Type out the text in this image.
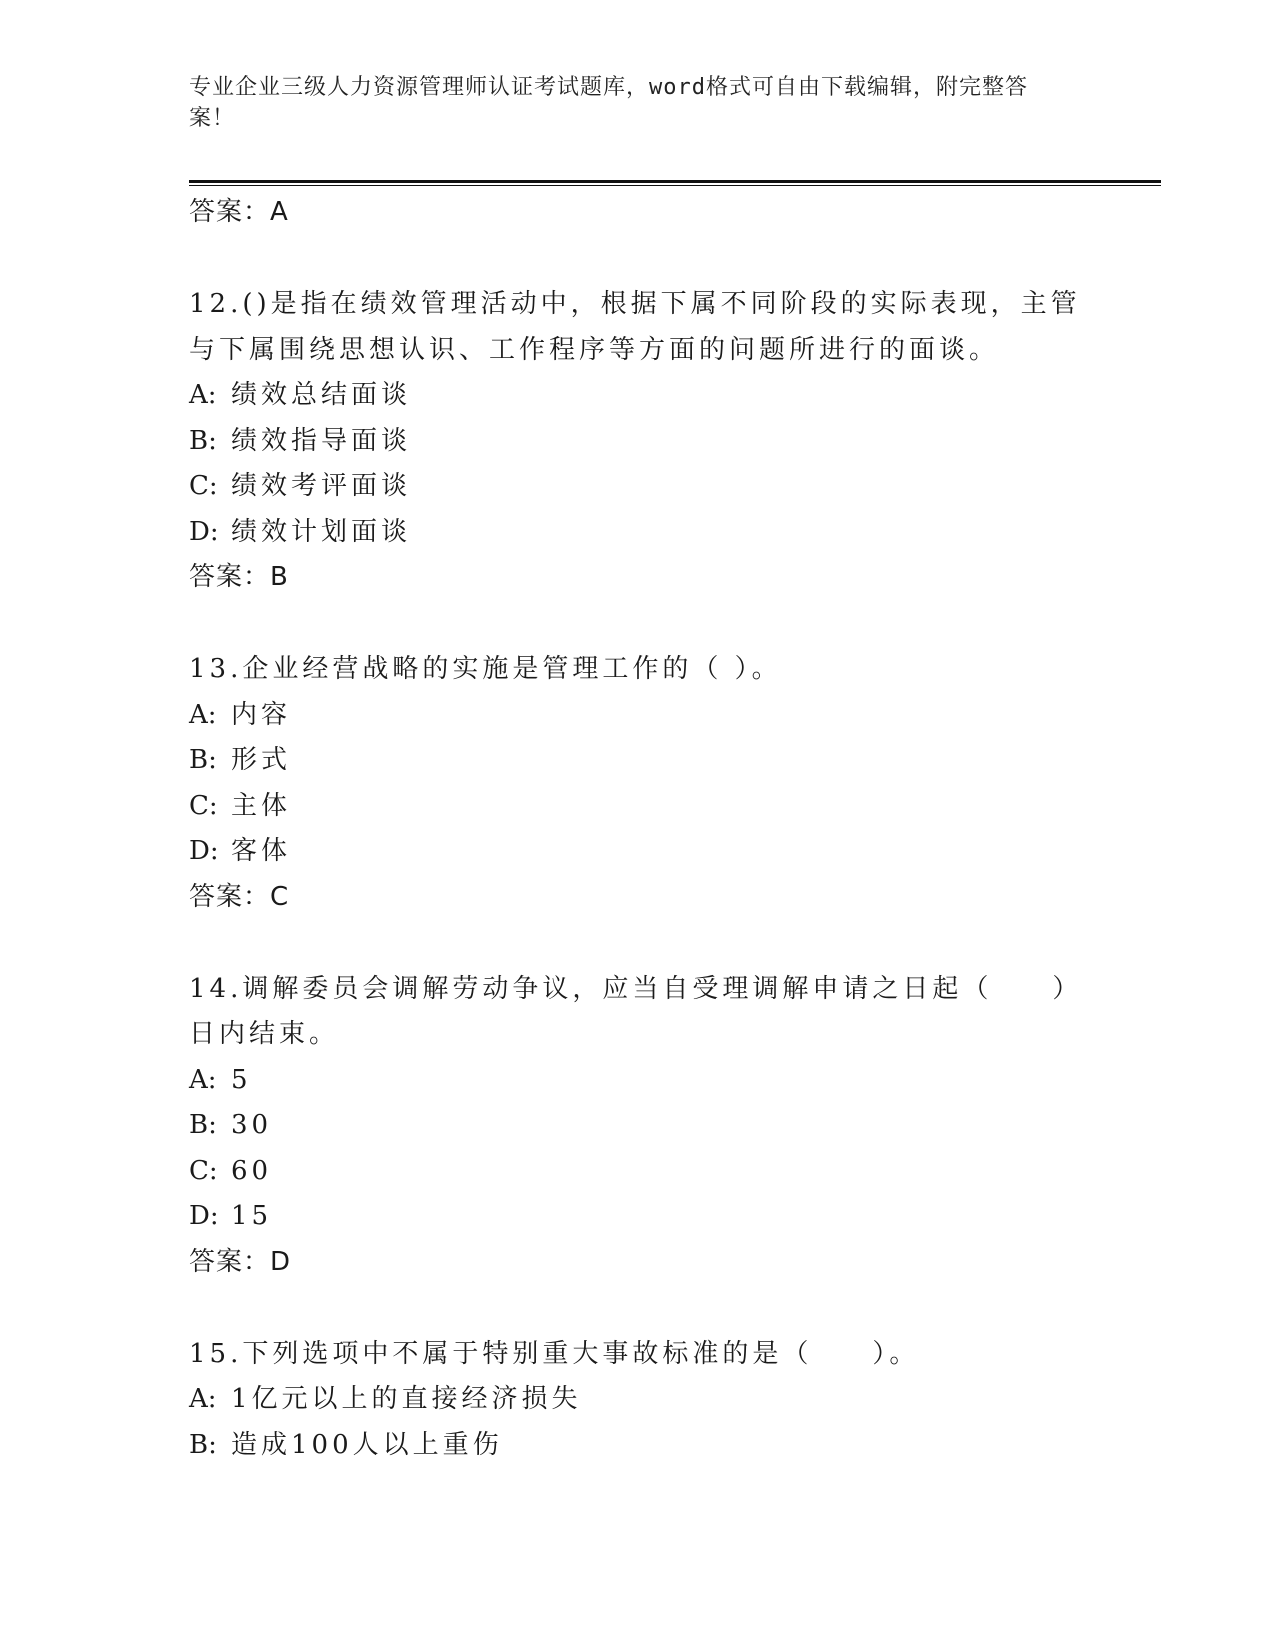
专业企业三级人力资源管理师认证考试题库，word格式可自由下载编辑，附完整答案！
答案：A

12.()是指在绩效管理活动中，根据下属不同阶段的实际表现，主管与下属围绕思想认识、工作程序等方面的问题所进行的面谈。

A: 绩效总结面谈
B: 绩效指导面谈
C: 绩效考评面谈
D: 绩效计划面谈
答案：B

13.企业经营战略的实施是管理工作的（ ）。

A: 内容
B: 形式
C: 主体
D: 客体
答案：C

14.调解委员会调解劳动争议，应当自受理调解申请之日起（　　）日内结束。

A: 5
B: 30
C: 60
D: 15
答案：D

15.下列选项中不属于特别重大事故标准的是（　　）。

A: 1亿元以上的直接经济损失
B: 造成100人以上重伤
